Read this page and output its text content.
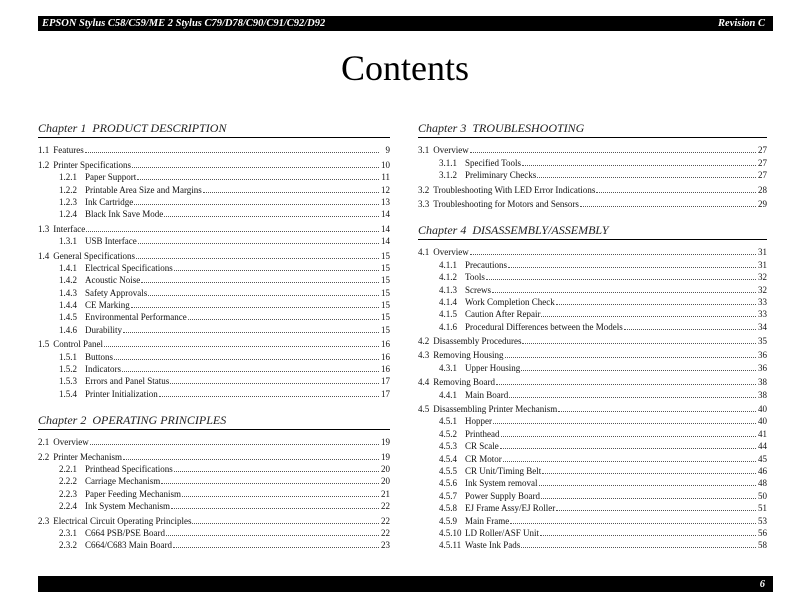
EPSON Stylus C58/C59/ME 2 Stylus C79/D78/C90/C91/C92/D92	Revision C
Contents
Chapter 1 PRODUCT DESCRIPTION
1.1 Features	9
1.2 Printer Specifications	10
1.2.1 Paper Support	11
1.2.2 Printable Area Size and Margins	12
1.2.3 Ink Cartridge	13
1.2.4 Black Ink Save Mode	14
1.3 Interface	14
1.3.1 USB Interface	14
1.4 General Specifications	15
1.4.1 Electrical Specifications	15
1.4.2 Acoustic Noise	15
1.4.3 Safety Approvals	15
1.4.4 CE Marking	15
1.4.5 Environmental Performance	15
1.4.6 Durability	15
1.5 Control Panel	16
1.5.1 Buttons	16
1.5.2 Indicators	16
1.5.3 Errors and Panel Status	17
1.5.4 Printer Initialization	17
Chapter 2 OPERATING PRINCIPLES
2.1 Overview	19
2.2 Printer Mechanism	19
2.2.1 Printhead Specifications	20
2.2.2 Carriage Mechanism	20
2.2.3 Paper Feeding Mechanism	21
2.2.4 Ink System Mechanism	22
2.3 Electrical Circuit Operating Principles	22
2.3.1 C664 PSB/PSE Board	22
2.3.2 C664/C683 Main Board	23
Chapter 3 TROUBLESHOOTING
3.1 Overview	27
3.1.1 Specified Tools	27
3.1.2 Preliminary Checks	27
3.2 Troubleshooting With LED Error Indications	28
3.3 Troubleshooting for Motors and Sensors	29
Chapter 4 DISASSEMBLY/ASSEMBLY
4.1 Overview	31
4.1.1 Precautions	31
4.1.2 Tools	32
4.1.3 Screws	32
4.1.4 Work Completion Check	33
4.1.5 Caution After Repair	33
4.1.6 Procedural Differences between the Models	34
4.2 Disassembly Procedures	35
4.3 Removing Housing	36
4.3.1 Upper Housing	36
4.4 Removing Board	38
4.4.1 Main Board	38
4.5 Disassembling Printer Mechanism	40
4.5.1 Hopper	40
4.5.2 Printhead	41
4.5.3 CR Scale	44
4.5.4 CR Motor	45
4.5.5 CR Unit/Timing Belt	46
4.5.6 Ink System removal	48
4.5.7 Power Supply Board	50
4.5.8 EJ Frame Assy/EJ Roller	51
4.5.9 Main Frame	53
4.5.10 LD Roller/ASF Unit	56
4.5.11 Waste Ink Pads	58
6
